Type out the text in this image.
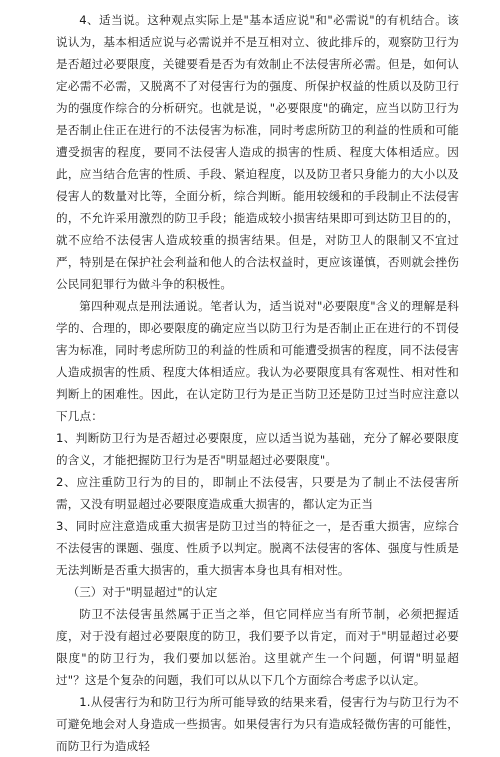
4、适当说。这种观点实际上是"基本适应说"和"必需说"的有机结合。该说认为，基本相适应说与必需说并不是互相对立、彼此排斥的，观察防卫行为是否超过必要限度，关键要看是否为有效制止不法侵害所必需。但是，如何认定必需不必需，又脱离不了对侵害行为的强度、所保护权益的性质以及防卫行为的强度作综合的分析研究。也就是说，"必要限度"的确定，应当以防卫行为是否制止住正在进行的不法侵害为标准，同时考虑所防卫的利益的性质和可能遭受损害的程度，要同不法侵害人造成的损害的性质、程度大体相适应。因此，应当结合危害的性质、手段、紧迫程度，以及防卫者只身能力的大小以及侵害人的数量对比等，全面分析，综合判断。能用较缓和的手段制止不法侵害的，不允许采用激烈的防卫手段；能造成较小损害结果即可到达防卫目的的，就不应给不法侵害人造成较重的损害结果。但是，对防卫人的限制又不宜过严，特别是在保护社会利益和他人的合法权益时，更应该谨慎，否则就会挫伤公民同犯罪行为做斗争的积极性。

第四种观点是刑法通说。笔者认为，适当说对"必要限度"含义的理解是科学的、合理的，即必要限度的确定应当以防卫行为是否制止正在进行的不罚侵害为标准，同时考虑所防卫的利益的性质和可能遭受损害的程度，同不法侵害人造成损害的性质、程度大体相适应。我认为必要限度具有客观性、相对性和判断上的困难性。因此，在认定防卫行为是正当防卫还是防卫过当时应注意以下几点：

1、判断防卫行为是否超过必要限度，应以适当说为基础，充分了解必要限度的含义，才能把握防卫行为是否"明显超过必要限度"。

2、应注重防卫行为的目的，即制止不法侵害，只要是为了制止不法侵害所需，又没有明显超过必要限度造成重大损害的，都认定为正当

3、同时应注意造成重大损害是防卫过当的特征之一，是否重大损害，应综合不法侵害的课题、强度、性质予以判定。脱离不法侵害的客体、强度与性质是无法判断是否重大损害的，重大损害本身也具有相对性。

（三）对于"明显超过"的认定

防卫不法侵害虽然属于正当之举，但它同样应当有所节制，必须把握适度，对于没有超过必要限度的防卫，我们要予以肯定，而对于"明显超过必要限度"的防卫行为，我们要加以惩治。这里就产生一个问题，何谓"明显超过"？这是个复杂的问题，我们可以从以下几个方面综合考虑予以认定。

1.从侵害行为和防卫行为所可能导致的结果来看，侵害行为与防卫行为不可避免地会对人身造成一些损害。如果侵害行为只有造成轻微伤害的可能性，而防卫行为造成轻
